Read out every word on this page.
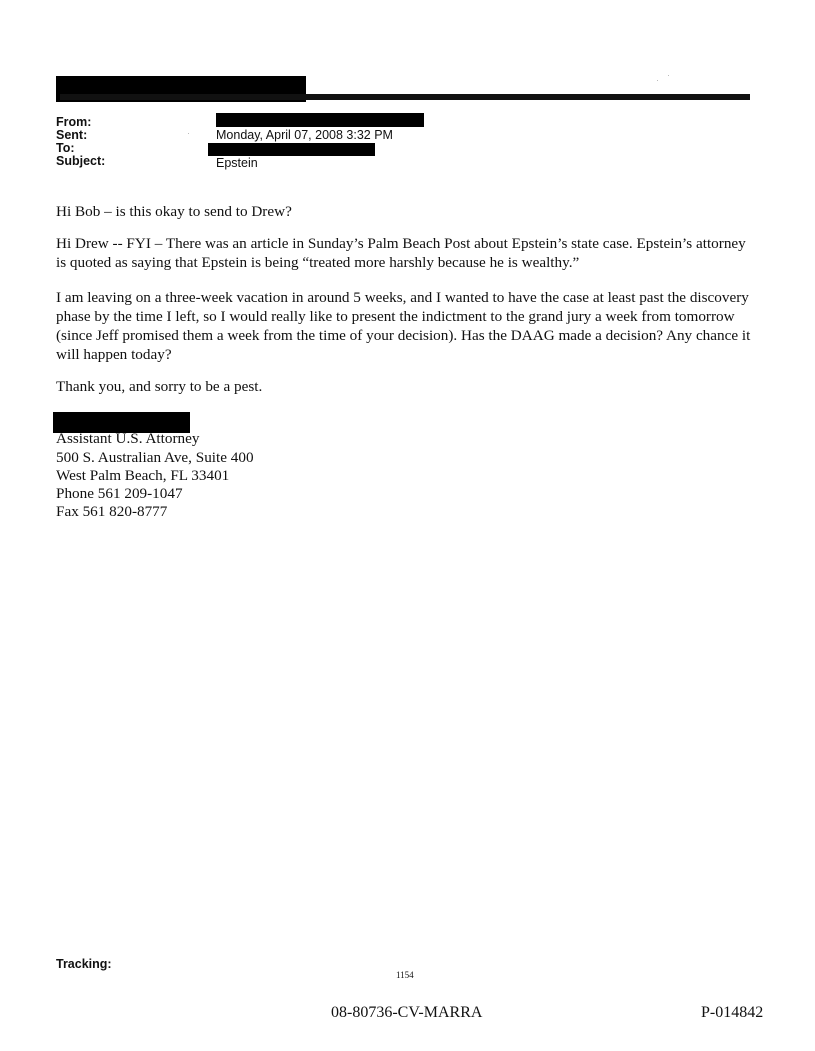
From:
Sent:	Monday, April 07, 2008 3:32 PM
To:
Subject:	Epstein

Hi Bob – is this okay to send to Drew?

Hi Drew -- FYI – There was an article in Sunday’s Palm Beach Post about Epstein’s state case. Epstein’s attorney is quoted as saying that Epstein is being “treated more harshly because he is wealthy.”

I am leaving on a three-week vacation in around 5 weeks, and I wanted to have the case at least past the discovery phase by the time I left, so I would really like to present the indictment to the grand jury a week from tomorrow (since Jeff promised them a week from the time of your decision). Has the DAAG made a decision? Any chance it will happen today?

Thank you, and sorry to be a pest.

Assistant U.S. Attorney
500 S. Australian Ave, Suite 400
West Palm Beach, FL 33401
Phone 561 209-1047
Fax 561 820-8777
Tracking:
1154
08-80736-CV-MARRA	P-014842
